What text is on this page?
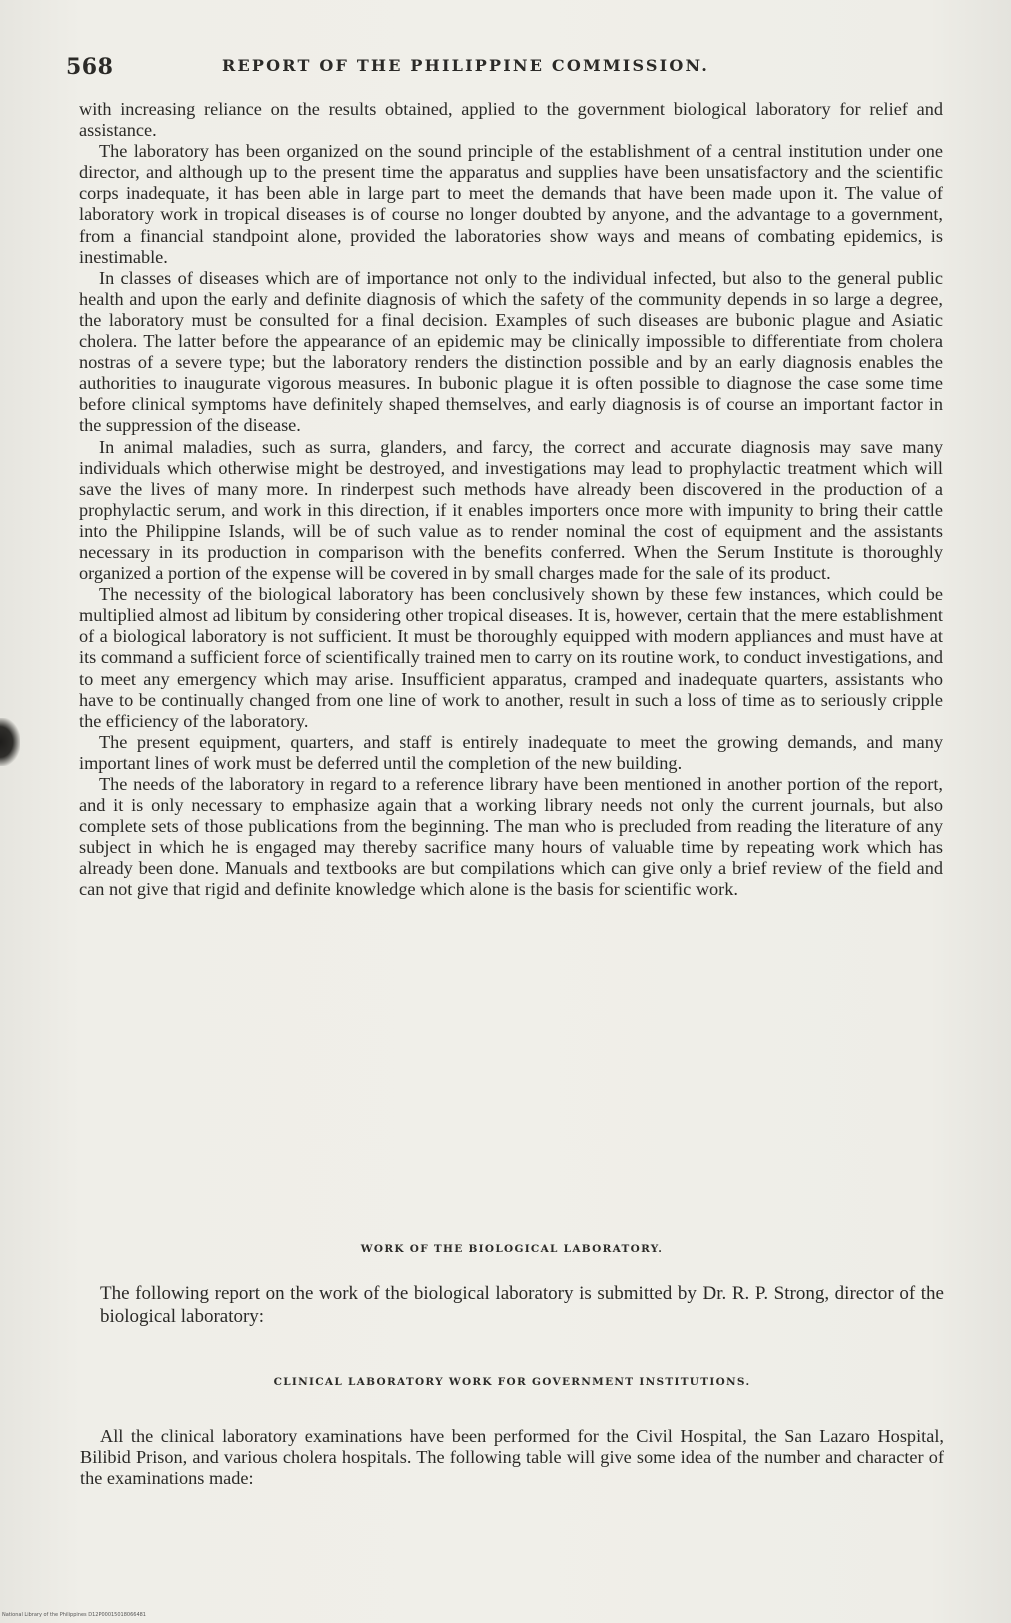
568	REPORT OF THE PHILIPPINE COMMISSION.

with increasing reliance on the results obtained, applied to the government biological laboratory for relief and assistance.

The laboratory has been organized on the sound principle of the establishment of a central institution under one director, and although up to the present time the apparatus and supplies have been unsatisfactory and the scientific corps inadequate, it has been able in large part to meet the demands that have been made upon it. The value of laboratory work in tropical diseases is of course no longer doubted by anyone, and the advantage to a government, from a financial standpoint alone, provided the laboratories show ways and means of combating epidemics, is inestimable.

In classes of diseases which are of importance not only to the individual infected, but also to the general public health and upon the early and definite diagnosis of which the safety of the community depends in so large a degree, the laboratory must be consulted for a final decision. Examples of such diseases are bubonic plague and Asiatic cholera. The latter before the appearance of an epidemic may be clinically impossible to differentiate from cholera nostras of a severe type; but the laboratory renders the distinction possible and by an early diagnosis enables the authorities to inaugurate vigorous measures. In bubonic plague it is often possible to diagnose the case some time before clinical symptoms have definitely shaped themselves, and early diagnosis is of course an important factor in the suppression of the disease.

In animal maladies, such as surra, glanders, and farcy, the correct and accurate diagnosis may save many individuals which otherwise might be destroyed, and investigations may lead to prophylactic treatment which will save the lives of many more. In rinderpest such methods have already been discovered in the production of a prophylactic serum, and work in this direction, if it enables importers once more with impunity to bring their cattle into the Philippine Islands, will be of such value as to render nominal the cost of equipment and the assistants necessary in its production in comparison with the benefits conferred. When the Serum Institute is thoroughly organized a portion of the expense will be covered in by small charges made for the sale of its product.

The necessity of the biological laboratory has been conclusively shown by these few instances, which could be multiplied almost ad libitum by considering other tropical diseases. It is, however, certain that the mere establishment of a biological laboratory is not sufficient. It must be thoroughly equipped with modern appliances and must have at its command a sufficient force of scientifically trained men to carry on its routine work, to conduct investigations, and to meet any emergency which may arise. Insufficient apparatus, cramped and inadequate quarters, assistants who have to be continually changed from one line of work to another, result in such a loss of time as to seriously cripple the efficiency of the laboratory.

The present equipment, quarters, and staff is entirely inadequate to meet the growing demands, and many important lines of work must be deferred until the completion of the new building.

The needs of the laboratory in regard to a reference library have been mentioned in another portion of the report, and it is only necessary to emphasize again that a working library needs not only the current journals, but also complete sets of those publications from the beginning. The man who is precluded from reading the literature of any subject in which he is engaged may thereby sacrifice many hours of valuable time by repeating work which has already been done. Manuals and textbooks are but compilations which can give only a brief review of the field and can not give that rigid and definite knowledge which alone is the basis for scientific work.

WORK OF THE BIOLOGICAL LABORATORY.
The following report on the work of the biological laboratory is submitted by Dr. R. P. Strong, director of the biological laboratory:
CLINICAL LABORATORY WORK FOR GOVERNMENT INSTITUTIONS.
All the clinical laboratory examinations have been performed for the Civil Hospital, the San Lazaro Hospital, Bilibid Prison, and various cholera hospitals. The following table will give some idea of the number and character of the examinations made:
National Library of the Philippines D12P00015018066481
